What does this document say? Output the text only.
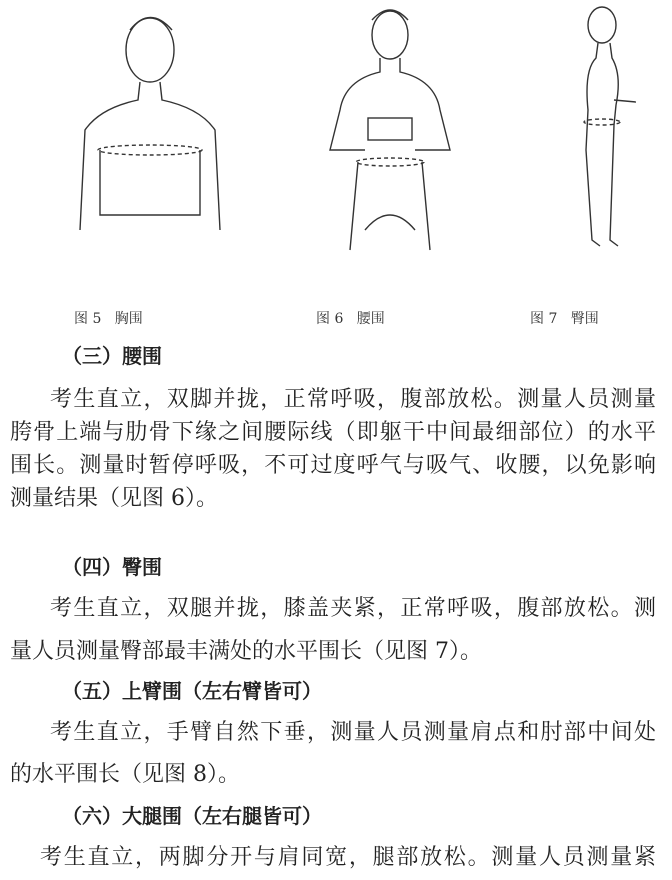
图 5   胸围	图 6   腰围	图 7   臀围
（三）腰围
考生直立，双脚并拢，正常呼吸，腹部放松。测量人员测量
胯骨上端与肋骨下缘之间腰际线（即躯干中间最细部位）的水平
围长。测量时暂停呼吸，不可过度呼气与吸气、收腰，以免影响
测量结果（见图 6）。
（四）臀围
考生直立，双腿并拢，膝盖夹紧，正常呼吸，腹部放松。测
量人员测量臀部最丰满处的水平围长（见图 7）。
（五）上臂围（左右臂皆可）
考生直立，手臂自然下垂，测量人员测量肩点和肘部中间处
的水平围长（见图 8）。
（六）大腿围（左右腿皆可）
考生直立，两脚分开与肩同宽，腿部放松。测量人员测量紧
